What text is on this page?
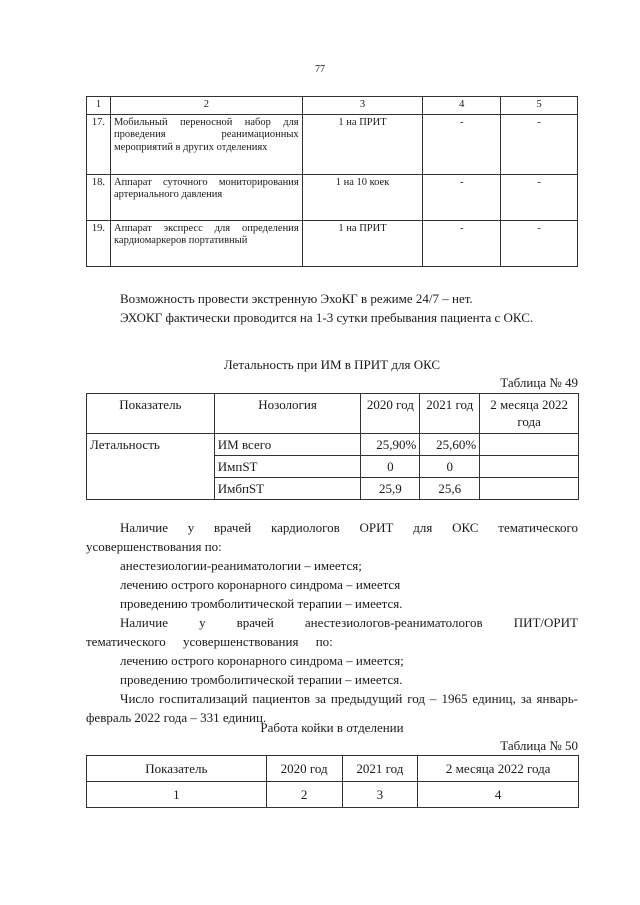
77
1	2	3	4	5
17.	Мобильный переносной набор для проведения реанимационных мероприятий в других отделениях	1 на ПРИТ	-	-
18.	Аппарат суточного мониторирования артериального давления	1 на 10 коек	-	-
19.	Аппарат экспресс для определения кардиомаркеров портативный	1 на ПРИТ	-	-
Возможность провести экстренную ЭхоКГ в режиме 24/7 – нет.
ЭХОКГ фактически проводится на 1-3 сутки пребывания пациента с ОКС.
Летальность при ИМ в ПРИТ для ОКС
Таблица № 49
Показатель	Нозология	2020 год	2021 год	2 месяца 2022 года
Летальность	ИМ всего	25,90%	25,60%	
	ИмпST	0	0	
	ИмбпST	25,9	25,6	
Наличие у врачей кардиологов ОРИТ для ОКС тематического усовершенствования по:
анестезиологии-реаниматологии – имеется;
лечению острого коронарного синдрома – имеется
проведению тромболитической терапии – имеется.
Наличие у врачей анестезиологов-реаниматологов ПИТ/ОРИТ тематического усовершенствования по:
лечению острого коронарного синдрома – имеется;
проведению тромболитической терапии – имеется.
Число госпитализаций пациентов за предыдущий год – 1965 единиц, за январь-февраль 2022 года – 331 единиц.
Работа койки в отделении
Таблица № 50
Показатель	2020 год	2021 год	2 месяца 2022 года
1	2	3	4
